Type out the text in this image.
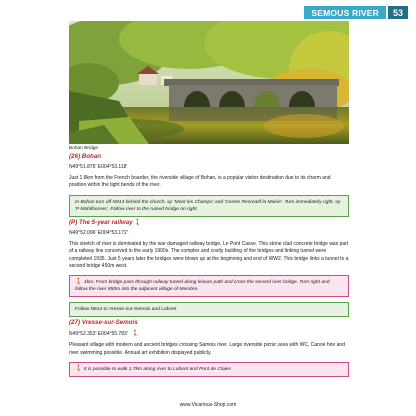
SEMOUS RIVER	53
Bohan Bridge
(26) Bohan
N49°51.876' E004°53.118'
Just 1.8km from the French boarder, the riverside village of Bohan, is a popular visitor destination due to its charm and position within the tight bends of the river.
In Bohan turn off N914 behind the church, sp 'Mont les Champs' and 'Centre Recreatif la Mairie'. Turn immediately right, sp 'P Mobilhomes'. Follow river to the ruined bridge on right.
(P) The 5-year railway 🚶
N49°52.096' E004°53.172'
This stretch of river is dominated by the war damaged railway bridge, Le Pont Casse. This stone clad concrete bridge was part of a railway line conceived in the early 1900s. The complex and costly building of the bridges and linking tunnel were completed 1935. Just 5 years later the bridges were blown up at the beginning and end of WW2. This bridge links a tunnel to a second bridge 450m west.
🚶 1km. From bridge pass through railway tunnel along leisure path and cross the second river bridge. Turn right and follow the river 850m into the adjacent village of Membre.
Follow N914 to Vresse-sur-Semois and Laforet
(27) Vresse-sur-Semois
N49°52.353' E004°55.783' 🚶
Pleasant village with modern and ancient bridges crossing Samois river. Large riverside picnic area with WC, Canoe hire and river swimming possible. Annual art exhibition displayed publicly.
🚶 It is possible to walk 1.7km along river to Laforet and Pont de Claies
www.Vicarious-Shop.com
